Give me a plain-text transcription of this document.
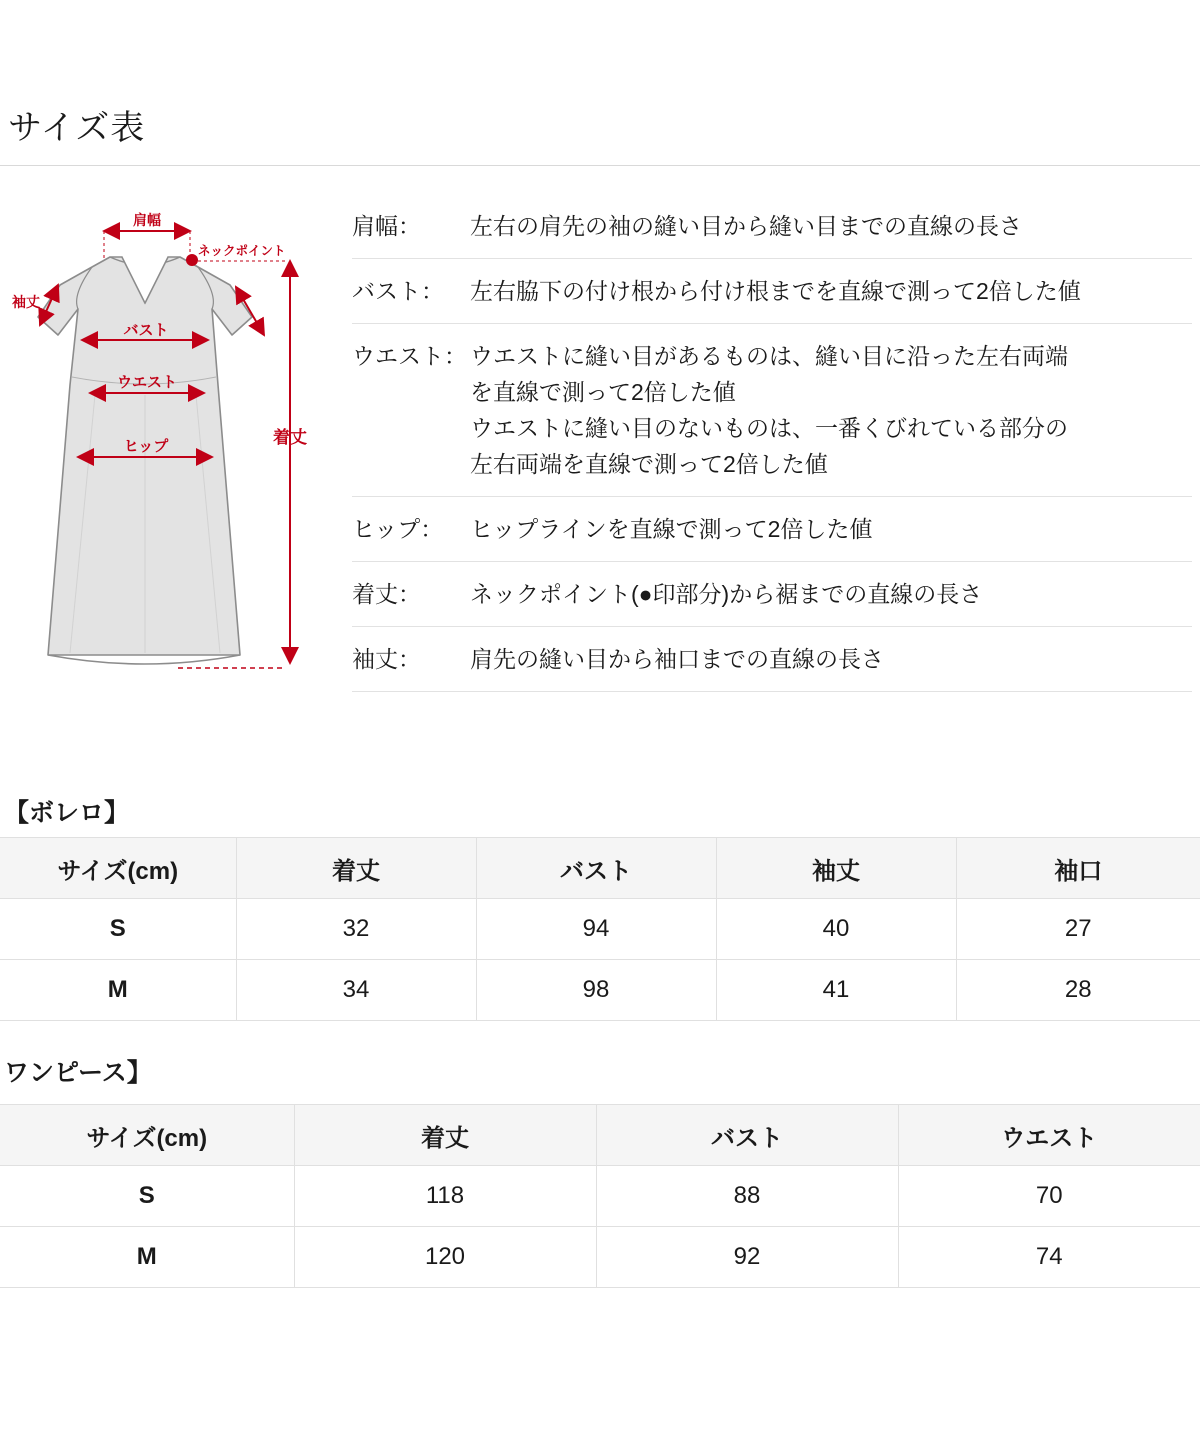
サイズ表
肩幅
ネックポイント
袖丈
バスト
ウエスト
ヒップ	着丈
肩幅：	左右の肩先の袖の縫い目から縫い目までの直線の長さ
バスト：	左右脇下の付け根から付け根までを直線で測って2倍した値
ウエスト： ウエストに縫い目があるものは、縫い目に沿った左右両端
を直線で測って2倍した値
ウエストに縫い目のないものは、一番くびれている部分の
左右両端を直線で測って2倍した値
ヒップ：	ヒップラインを直線で測って2倍した値
着丈：	ネックポイント(●印部分)から裾までの直線の長さ
袖丈：	肩先の縫い目から袖口までの直線の長さ
【ボレロ】
サイズ(cm)	着丈	バスト	袖丈	袖口
S	32	94	40	27
M	34	98	41	28
ワンピース】
サイズ(cm)	着丈	バスト	ウエスト
S	118	88	70
M	120	92	74
